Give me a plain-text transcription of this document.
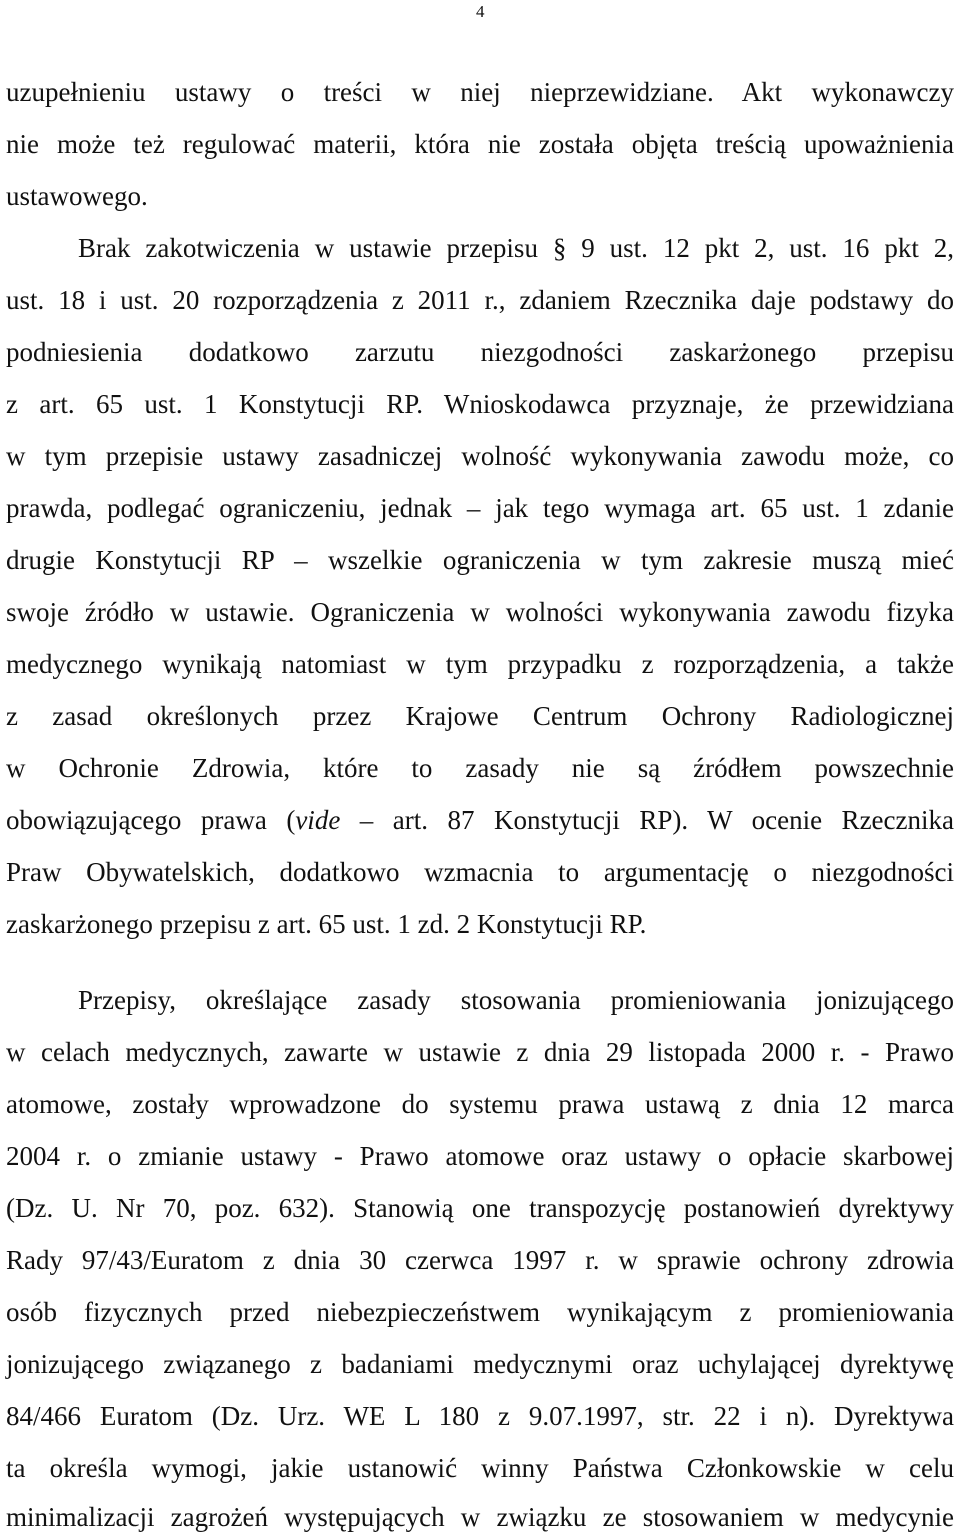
4
uzupełnieniu ustawy o treści w niej nieprzewidziane. Akt wykonawczy
nie może też regulować materii, która nie została objęta treścią upoważnienia
ustawowego.
Brak zakotwiczenia w ustawie przepisu § 9 ust. 12 pkt 2, ust. 16 pkt 2,
ust. 18 i ust. 20 rozporządzenia z 2011 r., zdaniem Rzecznika daje podstawy do
podniesienia dodatkowo zarzutu niezgodności zaskarżonego przepisu
z art. 65 ust. 1 Konstytucji RP. Wnioskodawca przyznaje, że przewidziana
w tym przepisie ustawy zasadniczej wolność wykonywania zawodu może, co
prawda, podlegać ograniczeniu, jednak – jak tego wymaga art. 65 ust. 1 zdanie
drugie Konstytucji RP – wszelkie ograniczenia w tym zakresie muszą mieć
swoje źródło w ustawie. Ograniczenia w wolności wykonywania zawodu fizyka
medycznego wynikają natomiast w tym przypadku z rozporządzenia, a także
z zasad określonych przez Krajowe Centrum Ochrony Radiologicznej
w Ochronie Zdrowia, które to zasady nie są źródłem powszechnie
obowiązującego prawa (vide – art. 87 Konstytucji RP). W ocenie Rzecznika
Praw Obywatelskich, dodatkowo wzmacnia to argumentację o niezgodności
zaskarżonego przepisu z art. 65 ust. 1 zd. 2 Konstytucji RP.
Przepisy, określające zasady stosowania promieniowania jonizującego
w celach medycznych, zawarte w ustawie z dnia 29 listopada 2000 r. - Prawo
atomowe, zostały wprowadzone do systemu prawa ustawą z dnia 12 marca
2004 r. o zmianie ustawy - Prawo atomowe oraz ustawy o opłacie skarbowej
(Dz. U. Nr 70, poz. 632). Stanowią one transpozycję postanowień dyrektywy
Rady 97/43/Euratom z dnia 30 czerwca 1997 r. w sprawie ochrony zdrowia
osób fizycznych przed niebezpieczeństwem wynikającym z promieniowania
jonizującego związanego z badaniami medycznymi oraz uchylającej dyrektywę
84/466 Euratom (Dz. Urz. WE L 180 z 9.07.1997, str. 22 i n). Dyrektywa
ta określa wymogi, jakie ustanowić winny Państwa Członkowskie w celu
minimalizacji zagrożeń występujących w związku ze stosowaniem w medycynie
